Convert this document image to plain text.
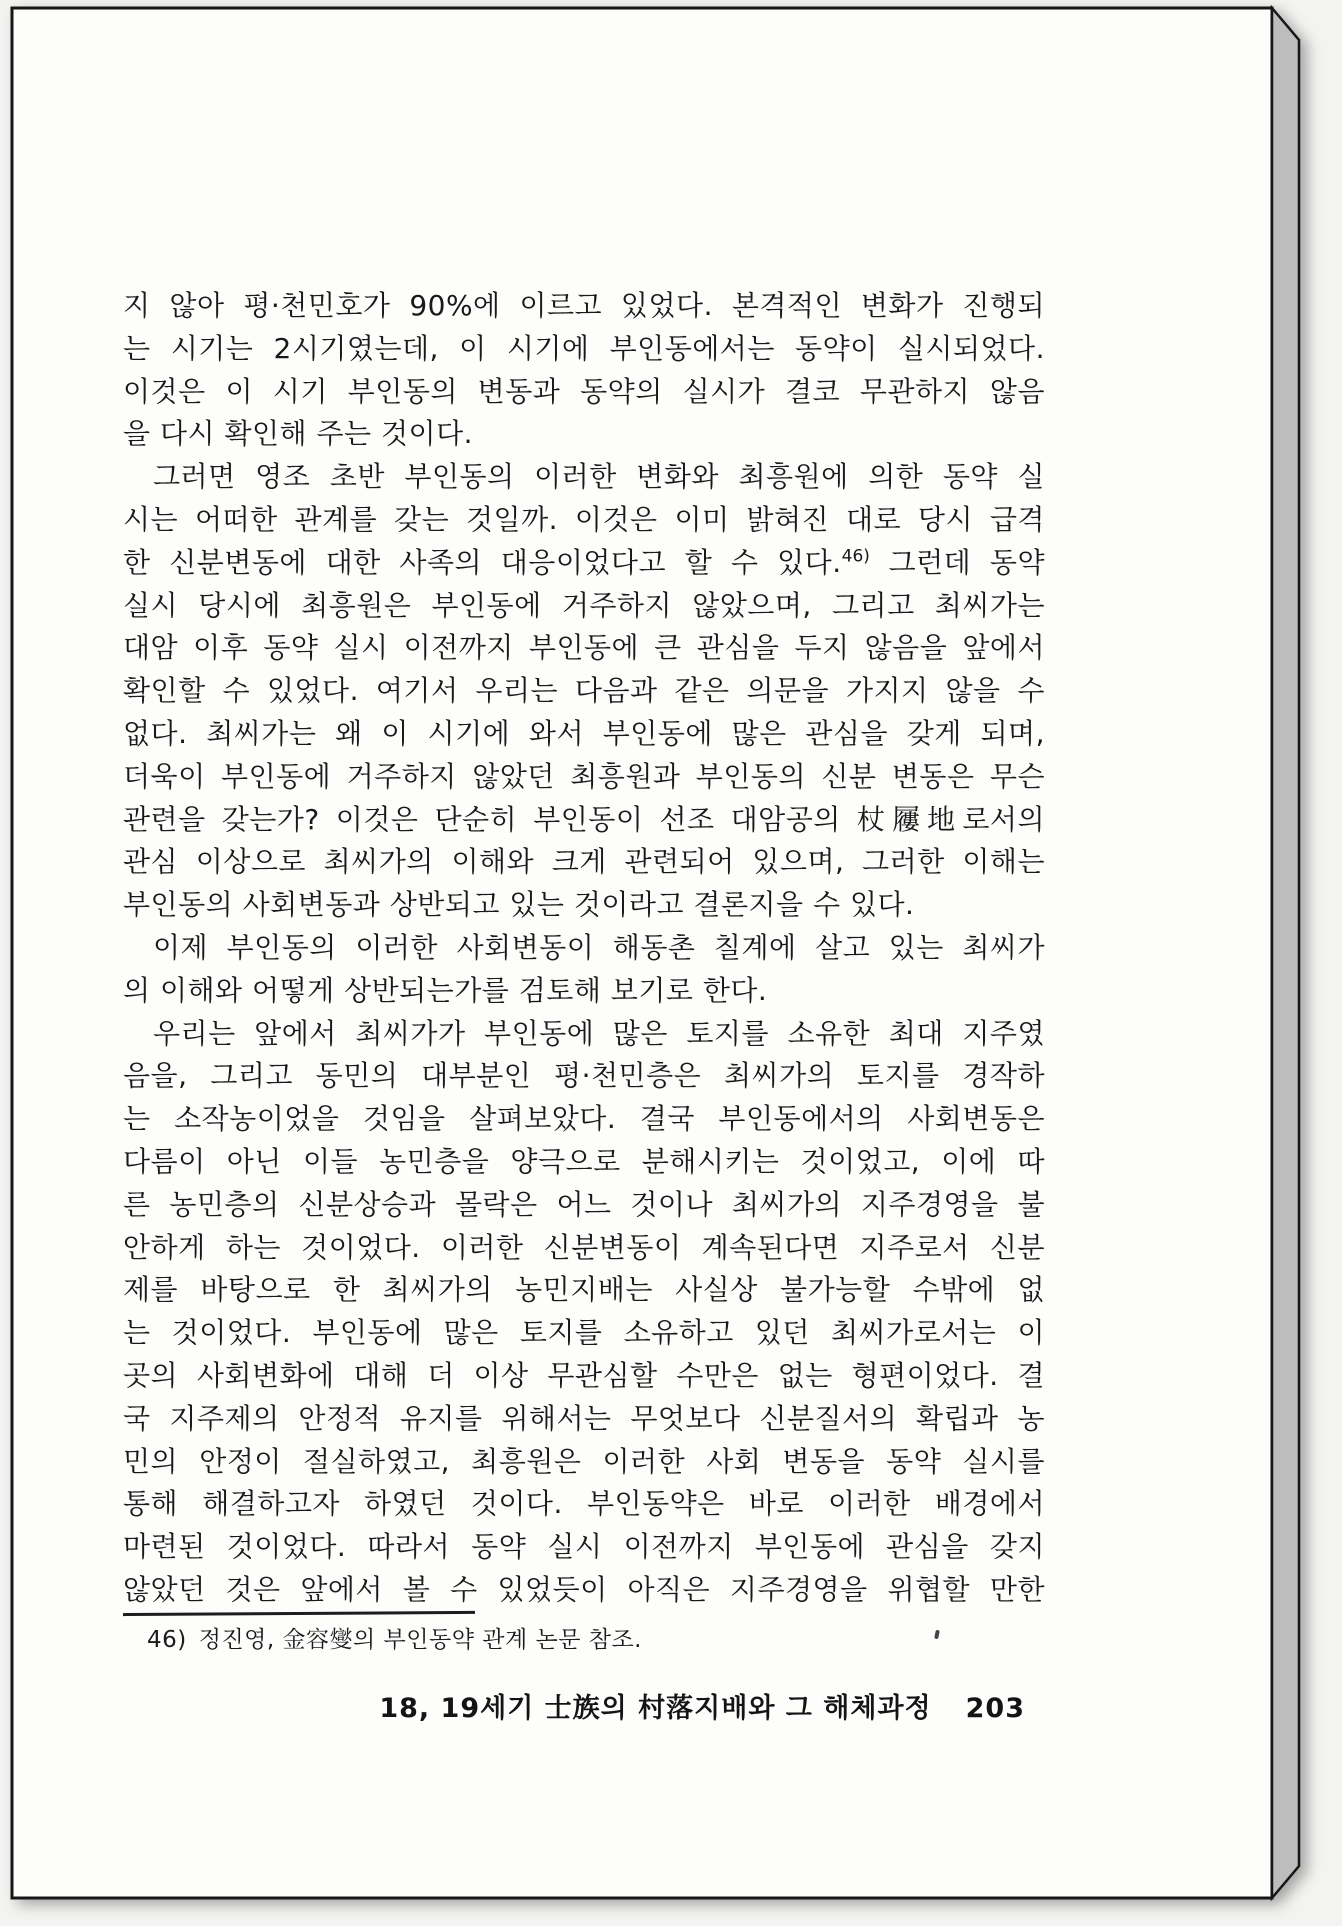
지 않아 평·천민호가 90%에 이르고 있었다. 본격적인 변화가 진행되
는 시기는 2시기였는데, 이 시기에 부인동에서는 동약이 실시되었다.
이것은 이 시기 부인동의 변동과 동약의 실시가 결코 무관하지 않음
을 다시 확인해 주는 것이다.
그러면 영조 초반 부인동의 이러한 변화와 최흥원에 의한 동약 실
시는 어떠한 관계를 갖는 것일까. 이것은 이미 밝혀진 대로 당시 급격
한 신분변동에 대한 사족의 대응이었다고 할 수 있다.$^{46)}$ 그런데 동약
실시 당시에 최흥원은 부인동에 거주하지 않았으며, 그리고 최씨가는
대암 이후 동약 실시 이전까지 부인동에 큰 관심을 두지 않음을 앞에서
확인할 수 있었다. 여기서 우리는 다음과 같은 의문을 가지지 않을 수
없다. 최씨가는 왜 이 시기에 와서 부인동에 많은 관심을 갖게 되며,
더욱이 부인동에 거주하지 않았던 최흥원과 부인동의 신분 변동은 무슨
관련을 갖는가? 이것은 단순히 부인동이 선조 대암공의 杖屨地로서의
관심 이상으로 최씨가의 이해와 크게 관련되어 있으며, 그러한 이해는
부인동의 사회변동과 상반되고 있는 것이라고 결론지을 수 있다.
이제 부인동의 이러한 사회변동이 해동촌 칠계에 살고 있는 최씨가
의 이해와 어떻게 상반되는가를 검토해 보기로 한다.
우리는 앞에서 최씨가가 부인동에 많은 토지를 소유한 최대 지주였
음을, 그리고 동민의 대부분인 평·천민층은 최씨가의 토지를 경작하
는 소작농이었을 것임을 살펴보았다. 결국 부인동에서의 사회변동은
다름이 아닌 이들 농민층을 양극으로 분해시키는 것이었고, 이에 따
른 농민층의 신분상승과 몰락은 어느 것이나 최씨가의 지주경영을 불
안하게 하는 것이었다. 이러한 신분변동이 계속된다면 지주로서 신분
제를 바탕으로 한 최씨가의 농민지배는 사실상 불가능할 수밖에 없
는 것이었다. 부인동에 많은 토지를 소유하고 있던 최씨가로서는 이
곳의 사회변화에 대해 더 이상 무관심할 수만은 없는 형편이었다. 결
국 지주제의 안정적 유지를 위해서는 무엇보다 신분질서의 확립과 농
민의 안정이 절실하였고, 최흥원은 이러한 사회 변동을 동약 실시를
통해 해결하고자 하였던 것이다. 부인동약은 바로 이러한 배경에서
마련된 것이었다. 따라서 동약 실시 이전까지 부인동에 관심을 갖지
않았던 것은 앞에서 볼 수 있었듯이 아직은 지주경영을 위협할 만한
46) 정진영, 金容燮의 부인동약 관계 논문 참조.
18, 19세기 士族의 村落지배와 그 해체과정 203
